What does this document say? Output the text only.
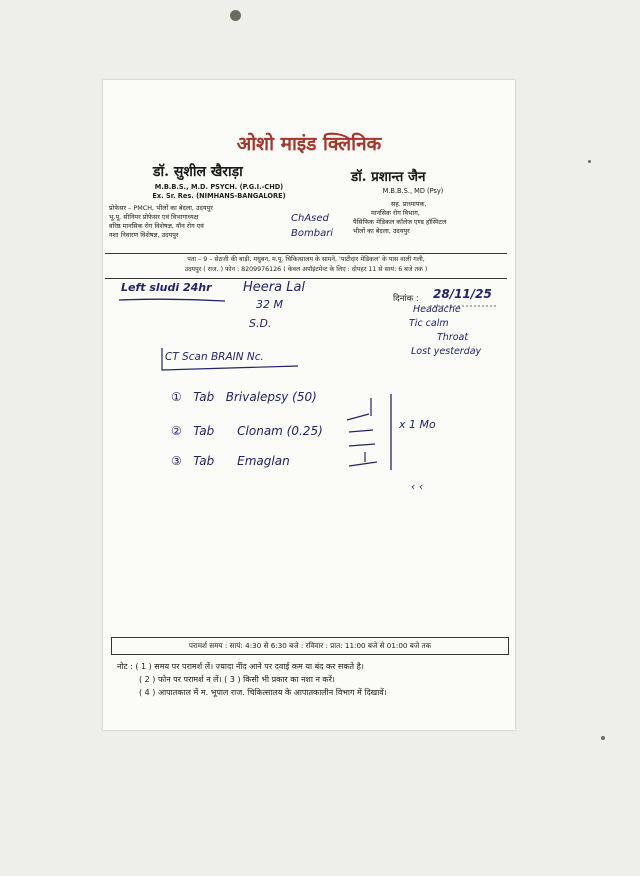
ओशो माइंड क्लिनिक
डॉ. सुशील खैराड़ा	डॉ. प्रशान्त जैन
M.B.B.S., M.D. PSYCH. (P.G.I.-CHD)
Ex. Sr. Res. (NIMHANS-BANGALORE)
प्रोफेसर – PMCH, भीलों का बेदला, उदयपुर
भू.पू. सीनियर प्रोफेसर एवं विभागाध्यक्ष
वरिष्ठ मानसिक रोग विशेषज्ञ, यौन रोग एवं
नशा निवारण विशेषज्ञ, उदयपुर
M.B.B.S., MD (Psy)
सह. प्राध्यापक,
मानसिक रोग विभाग,
पैसिफिक मेडिकल कॉलेज एण्ड हॉस्पिटल
भीलों का बेदला, उदयपुर
ChAsed
Bombari
पता – 9 – सेठजी की बाड़ी, मधुबन, म.पू. चिकित्सालय के सामने, 'पाटीदार मेडिकल' के पास वाली गली,
उदयपुर ( राज. ) फोन : 8209976126 ( केवल अपॉइंटमेन्ट के लिए : दोपहर 11 से सायं: 6 बजे तक )
Left sludi 24hr Heera Lal
32 M
S.D.
दिनांक : 28/11/25
Headache
Tic calm
Throat
Lost yesterday
CT Scan BRAIN Nc.
① Tab Brivalepsy (50)
② Tab Clonam (0.25)
③ Tab Emaglan
x 1 Mo
‹ ‹
परामर्श समय : सायं: 4:30 से 6:30 बजे : रविवार : प्रात: 11:00 बजे से 01:00 बजे तक
नोट : ( 1 ) समय पर परामर्श लें। ज्यादा नींद आने पर दवाई कम या बंद कर सकते है।
( 2 ) फोन पर परामर्श न लें। ( 3 ) किसी भी प्रकार का नशा न करें।
( 4 ) आपातकाल में म. भूपाल राज. चिकित्सालय के आपातकालीन विभाग में दिखावें।
